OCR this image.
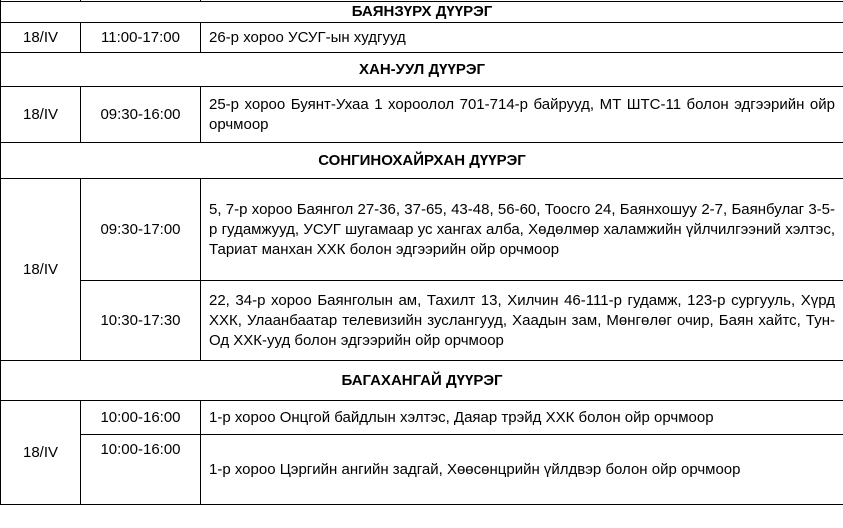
БАЯНЗҮРХ ДҮҮРЭГ		
18/IV	11:00-17:00	26-р хороо УСУГ-ын худгууд
ХАН-УУЛ ДҮҮРЭГ		
18/IV	09:30-16:00	25-р хороо Буянт-Ухаа 1 хороолол 701-714-р байрууд, МТ ШТС-11 болон эдгээрийн ойр орчмоор
СОНГИНОХАЙРХАН ДҮҮРЭГ		
18/IV	09:30-17:00	5, 7-р хороо Баянгол 27-36, 37-65, 43-48, 56-60, Тоосго 24, Баянхошуу 2-7, Баянбулаг 3-5-р гудамжууд, УСУГ шугамаар ус хангах алба, Хөдөлмөр халамжийн үйлчилгээний хэлтэс, Тариат манхан ХХК болон эдгээрийн ойр орчмоор
	10:30-17:30	22, 34-р хороо Баянголын ам, Тахилт 13, Хилчин 46-111-р гудамж, 123-р сургууль, Хүрд ХХК, Улаанбаатар телевизийн зуслангууд, Хаадын зам, Мөнгөлөг очир, Баян хайтс, Тун-Од ХХК-ууд болон эдгээрийн ойр орчмоор
БАГАХАНГАЙ ДҮҮРЭГ		
18/IV	10:00-16:00	1-р хороо Онцгой байдлын хэлтэс, Даяар трэйд ХХК болон ойр орчмоор
	10:00-16:00	1-р хороо Цэргийн ангийн задгай, Хөөсөнцрийн үйлдвэр болон ойр орчмоор
